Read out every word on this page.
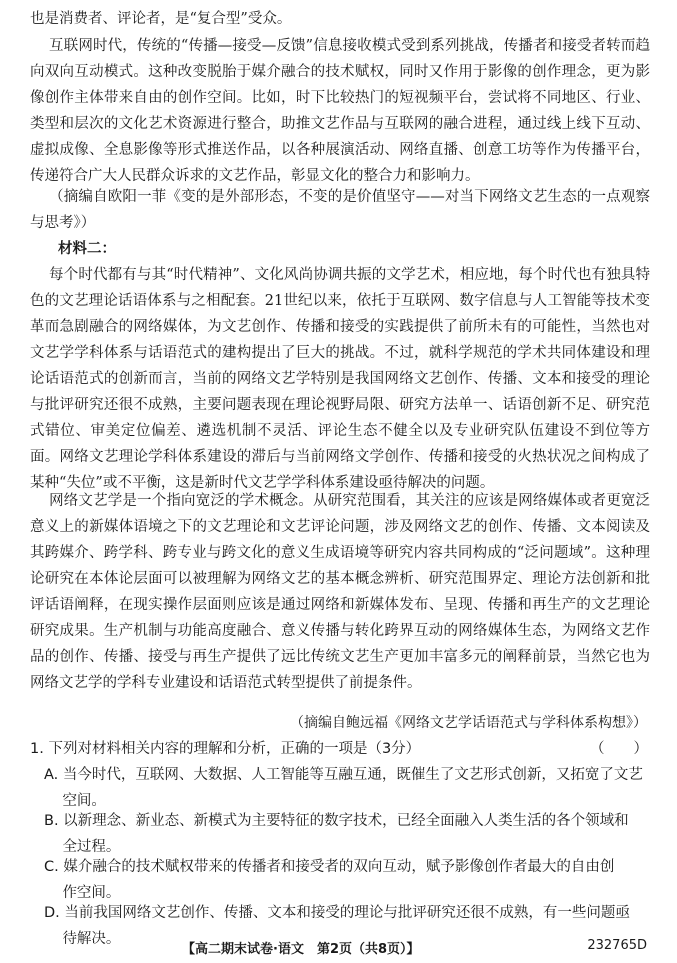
也是消费者、评论者，是“复合型”受众。

互联网时代，传统的“传播—接受—反馈”信息接收模式受到系列挑战，传播者和接受者转而趋向双向互动模式。这种改变脱胎于媒介融合的技术赋权，同时又作用于影像的创作理念，更为影像创作主体带来自由的创作空间。比如，时下比较热门的短视频平台，尝试将不同地区、行业、类型和层次的文化艺术资源进行整合，助推文艺作品与互联网的融合进程，通过线上线下互动、虚拟成像、全息影像等形式推送作品，以各种展演活动、网络直播、创意工坊等作为传播平台，传递符合广大人民群众诉求的文艺作品，彰显文化的整合力和影响力。

（摘编自欧阳一菲《变的是外部形态，不变的是价值坚守——对当下网络文艺生态的一点观察与思考》）

材料二：

每个时代都有与其“时代精神”、文化风尚协调共振的文学艺术，相应地，每个时代也有独具特色的文艺理论话语体系与之相配套。21世纪以来，依托于互联网、数字信息与人工智能等技术变革而急剧融合的网络媒体，为文艺创作、传播和接受的实践提供了前所未有的可能性，当然也对文艺学学科体系与话语范式的建构提出了巨大的挑战。不过，就科学规范的学术共同体建设和理论话语范式的创新而言，当前的网络文艺学特别是我国网络文艺创作、传播、文本和接受的理论与批评研究还很不成熟，主要问题表现在理论视野局限、研究方法单一、话语创新不足、研究范式错位、审美定位偏差、遴选机制不灵活、评论生态不健全以及专业研究队伍建设不到位等方面。网络文艺理论学科体系建设的滞后与当前网络文学创作、传播和接受的火热状况之间构成了某种“失位”或不平衡，这是新时代文艺学学科体系建设亟待解决的问题。

网络文艺学是一个指向宽泛的学术概念。从研究范围看，其关注的应该是网络媒体或者更宽泛意义上的新媒体语境之下的文艺理论和文艺评论问题，涉及网络文艺的创作、传播、文本阅读及其跨媒介、跨学科、跨专业与跨文化的意义生成语境等研究内容共同构成的“泛问题域”。这种理论研究在本体论层面可以被理解为网络文艺的基本概念辨析、研究范围界定、理论方法创新和批评话语阐释，在现实操作层面则应该是通过网络和新媒体发布、呈现、传播和再生产的文艺理论研究成果。生产机制与功能高度融合、意义传播与转化跨界互动的网络媒体生态，为网络文艺作品的创作、传播、接受与再生产提供了远比传统文艺生产更加丰富多元的阐释前景，当然它也为网络文艺学的学科专业建设和话语范式转型提供了前提条件。

（摘编自鲍远福《网络文艺学话语范式与学科体系构想》）
1. 下列对材料相关内容的理解和分析，正确的一项是（3分）	（　　）
A. 当今时代，互联网、大数据、人工智能等互融互通，既催生了文艺形式创新，又拓宽了文艺
空间。
B. 以新理念、新业态、新模式为主要特征的数字技术，已经全面融入人类生活的各个领域和
全过程。
C. 媒介融合的技术赋权带来的传播者和接受者的双向互动，赋予影像创作者最大的自由创
作空间。
D. 当前我国网络文艺创作、传播、文本和接受的理论与批评研究还很不成熟，有一些问题亟
待解决。
【高二期末试卷·语文　第2页（共8页）】	232765D
